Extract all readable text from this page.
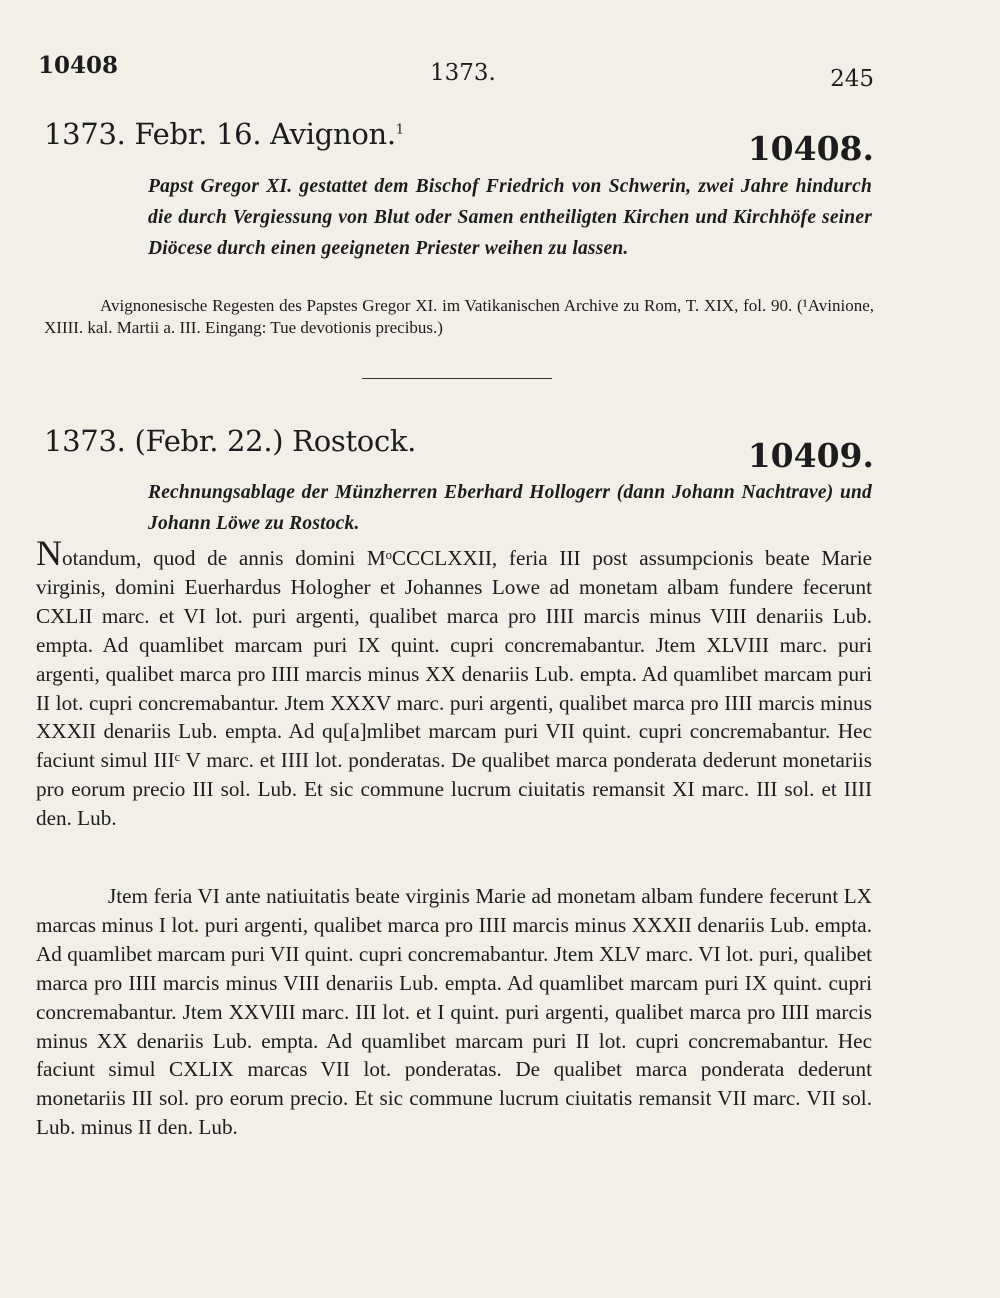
10408	1373.	245
1373. Febr. 16. Avignon.$^1$	10408.
Papst Gregor XI. gestattet dem Bischof Friedrich von Schwerin, zwei Jahre hindurch die durch Vergiessung von Blut oder Samen entheiligten Kirchen und Kirchhöfe seiner Diöcese durch einen geeigneten Priester weihen zu lassen.
Avignonesische Regesten des Papstes Gregor XI. im Vatikanischen Archive zu Rom, T. XIX, fol. 90. (¹Avinione, XIIII. kal. Martii a. III. Eingang: Tue devotionis precibus.)
1373. (Febr. 22.) Rostock.	10409.
Rechnungsablage der Münzherren Eberhard Hollogerr (dann Johann Nachtrave) und Johann Löwe zu Rostock.
Notandum, quod de annis domini MᵒCCCLXXII, feria III post assumpcionis beate Marie virginis, domini Euerhardus Hologher et Johannes Lowe ad monetam albam fundere fecerunt CXLII marc. et VI lot. puri argenti, qualibet marca pro IIII marcis minus VIII denariis Lub. empta. Ad quamlibet marcam puri IX quint. cupri concremabantur. Jtem XLVIII marc. puri argenti, qualibet marca pro IIII marcis minus XX denariis Lub. empta. Ad quamlibet marcam puri II lot. cupri concremabantur. Jtem XXXV marc. puri argenti, qualibet marca pro IIII marcis minus XXXII denariis Lub. empta. Ad qu[a]mlibet marcam puri VII quint. cupri concremabantur. Hec faciunt simul IIIᶜ V marc. et IIII lot. ponderatas. De qualibet marca ponderata dederunt monetariis pro eorum precio III sol. Lub. Et sic commune lucrum ciuitatis remansit XI marc. III sol. et IIII den. Lub.
Jtem feria VI ante natiuitatis beate virginis Marie ad monetam albam fundere fecerunt LX marcas minus I lot. puri argenti, qualibet marca pro IIII marcis minus XXXII denariis Lub. empta. Ad quamlibet marcam puri VII quint. cupri concremabantur. Jtem XLV marc. VI lot. puri, qualibet marca pro IIII marcis minus VIII denariis Lub. empta. Ad quamlibet marcam puri IX quint. cupri concremabantur. Jtem XXVIII marc. III lot. et I quint. puri argenti, qualibet marca pro IIII marcis minus XX denariis Lub. empta. Ad quamlibet marcam puri II lot. cupri concremabantur. Hec faciunt simul CXLIX marcas VII lot. ponderatas. De qualibet marca ponderata dederunt monetariis III sol. pro eorum precio. Et sic commune lucrum ciuitatis remansit VII marc. VII sol. Lub. minus II den. Lub.
